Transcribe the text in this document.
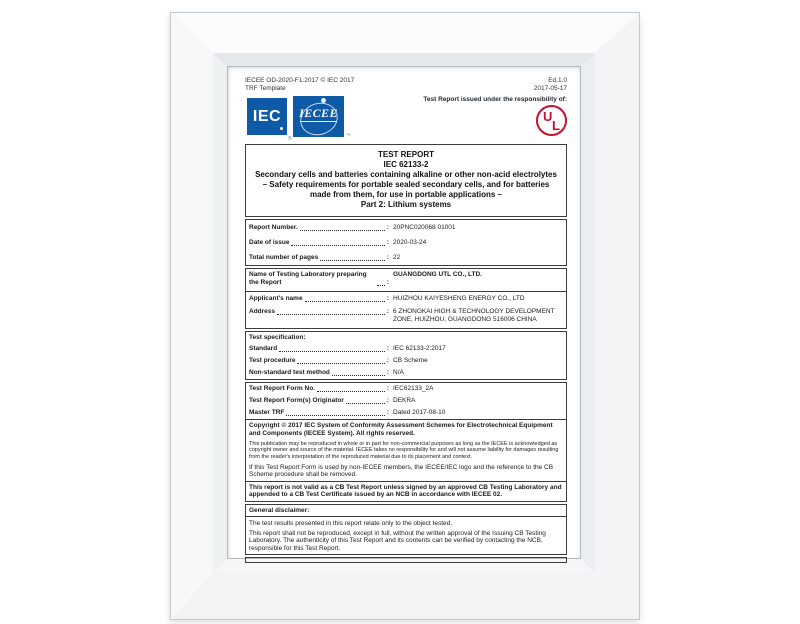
IECEE OD-2020-F1:2017 © IEC 2017
TRF Template
Ed.1.0
2017-05-17
IEC
®
IECEE
™
Test Report issued under the responsibility of:
U
L
TEST REPORT
IEC 62133-2
Secondary cells and batteries containing alkaline or other non-acid electrolytes – Safety requirements for portable sealed secondary cells, and for batteries made from them, for use in portable applications –
Part 2: Lithium systems
Report Number.	: 20PNC020068 01001
Date of issue	: 2020-03-24
Total number of pages	: 22
Name of Testing Laboratory preparing the Report	:
GUANGDONG UTL CO., LTD.
Applicant's name	: HUIZHOU KAIYESHENG ENERGY CO., LTD
Address	: 6 ZHONGKAI HIGH & TECHNOLOGY DEVELOPMENT ZONE, HUIZHOU, GUANGDONG 516006 CHINA
Test specification:
Standard	: IEC 62133-2:2017
Test procedure	: CB Scheme
Non-standard test method	: N/A
Test Report Form No.	: IEC62133_2A
Test Report Form(s) Originator	: DEKRA
Master TRF	: Dated 2017-08-10
Copyright © 2017 IEC System of Conformity Assessment Schemes for Electrotechnical Equipment and Components (IECEE System). All rights reserved.
This publication may be reproduced in whole or in part for non-commercial purposes as long as the IECEE is acknowledged as copyright owner and source of the material. IECEE takes no responsibility for and will not assume liability for damages resulting from the reader's interpretation of the reproduced material due to its placement and context.
If this Test Report Form is used by non-IECEE members, the IECEE/IEC logo and the reference to the CB Scheme procedure shall be removed.
This report is not valid as a CB Test Report unless signed by an approved CB Testing Laboratory and appended to a CB Test Certificate issued by an NCB in accordance with IECEE 02.
General disclaimer:
The test results presented in this report relate only to the object tested.
This report shall not be reproduced, except in full, without the written approval of the Issuing CB Testing Laboratory. The authenticity of this Test Report and its contents can be verified by contacting the NCB, responsible for this Test Report.
